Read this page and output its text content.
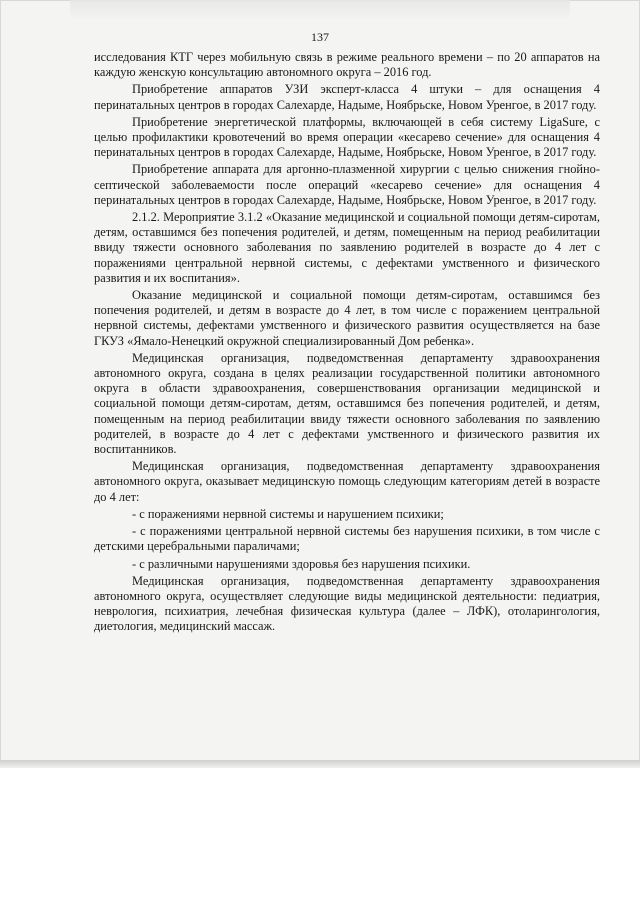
137

исследования КТГ через мобильную связь в режиме реального времени – по 20 аппаратов на каждую женскую консультацию автономного округа – 2016 год.

Приобретение аппаратов УЗИ эксперт-класса 4 штуки – для оснащения 4 перинатальных центров в городах Салехарде, Надыме, Ноябрьске, Новом Уренгое, в 2017 году.

Приобретение энергетической платформы, включающей в себя систему LigaSure, с целью профилактики кровотечений во время операции «кесарево сечение» для оснащения 4 перинатальных центров в городах Салехарде, Надыме, Ноябрьске, Новом Уренгое, в 2017 году.

Приобретение аппарата для аргонно-плазменной хирургии с целью снижения гнойно-септической заболеваемости после операций «кесарево сечение» для оснащения 4 перинатальных центров в городах Салехарде, Надыме, Ноябрьске, Новом Уренгое, в 2017 году.

2.1.2. Мероприятие 3.1.2 «Оказание медицинской и социальной помощи детям-сиротам, детям, оставшимся без попечения родителей, и детям, помещенным на период реабилитации ввиду тяжести основного заболевания по заявлению родителей в возрасте до 4 лет с поражениями центральной нервной системы, с дефектами умственного и физического развития и их воспитания».

Оказание медицинской и социальной помощи детям-сиротам, оставшимся без попечения родителей, и детям в возрасте до 4 лет, в том числе с поражением центральной нервной системы, дефектами умственного и физического развития осуществляется на базе ГКУЗ «Ямало-Ненецкий окружной специализированный Дом ребенка».

Медицинская организация, подведомственная департаменту здравоохранения автономного округа, создана в целях реализации государственной политики автономного округа в области здравоохранения, совершенствования организации медицинской и социальной помощи детям-сиротам, детям, оставшимся без попечения родителей, и детям, помещенным на период реабилитации ввиду тяжести основного заболевания по заявлению родителей, в возрасте до 4 лет с дефектами умственного и физического развития их воспитанников.

Медицинская организация, подведомственная департаменту здравоохранения автономного округа, оказывает медицинскую помощь следующим категориям детей в возрасте до 4 лет:

- с поражениями нервной системы и нарушением психики;

- с поражениями центральной нервной системы без нарушения психики, в том числе с детскими церебральными параличами;

- с различными нарушениями здоровья без нарушения психики.

Медицинская организация, подведомственная департаменту здравоохранения автономного округа, осуществляет следующие виды медицинской деятельности: педиатрия, неврология, психиатрия, лечебная физическая культура (далее – ЛФК), отоларингология, диетология, медицинский массаж.
